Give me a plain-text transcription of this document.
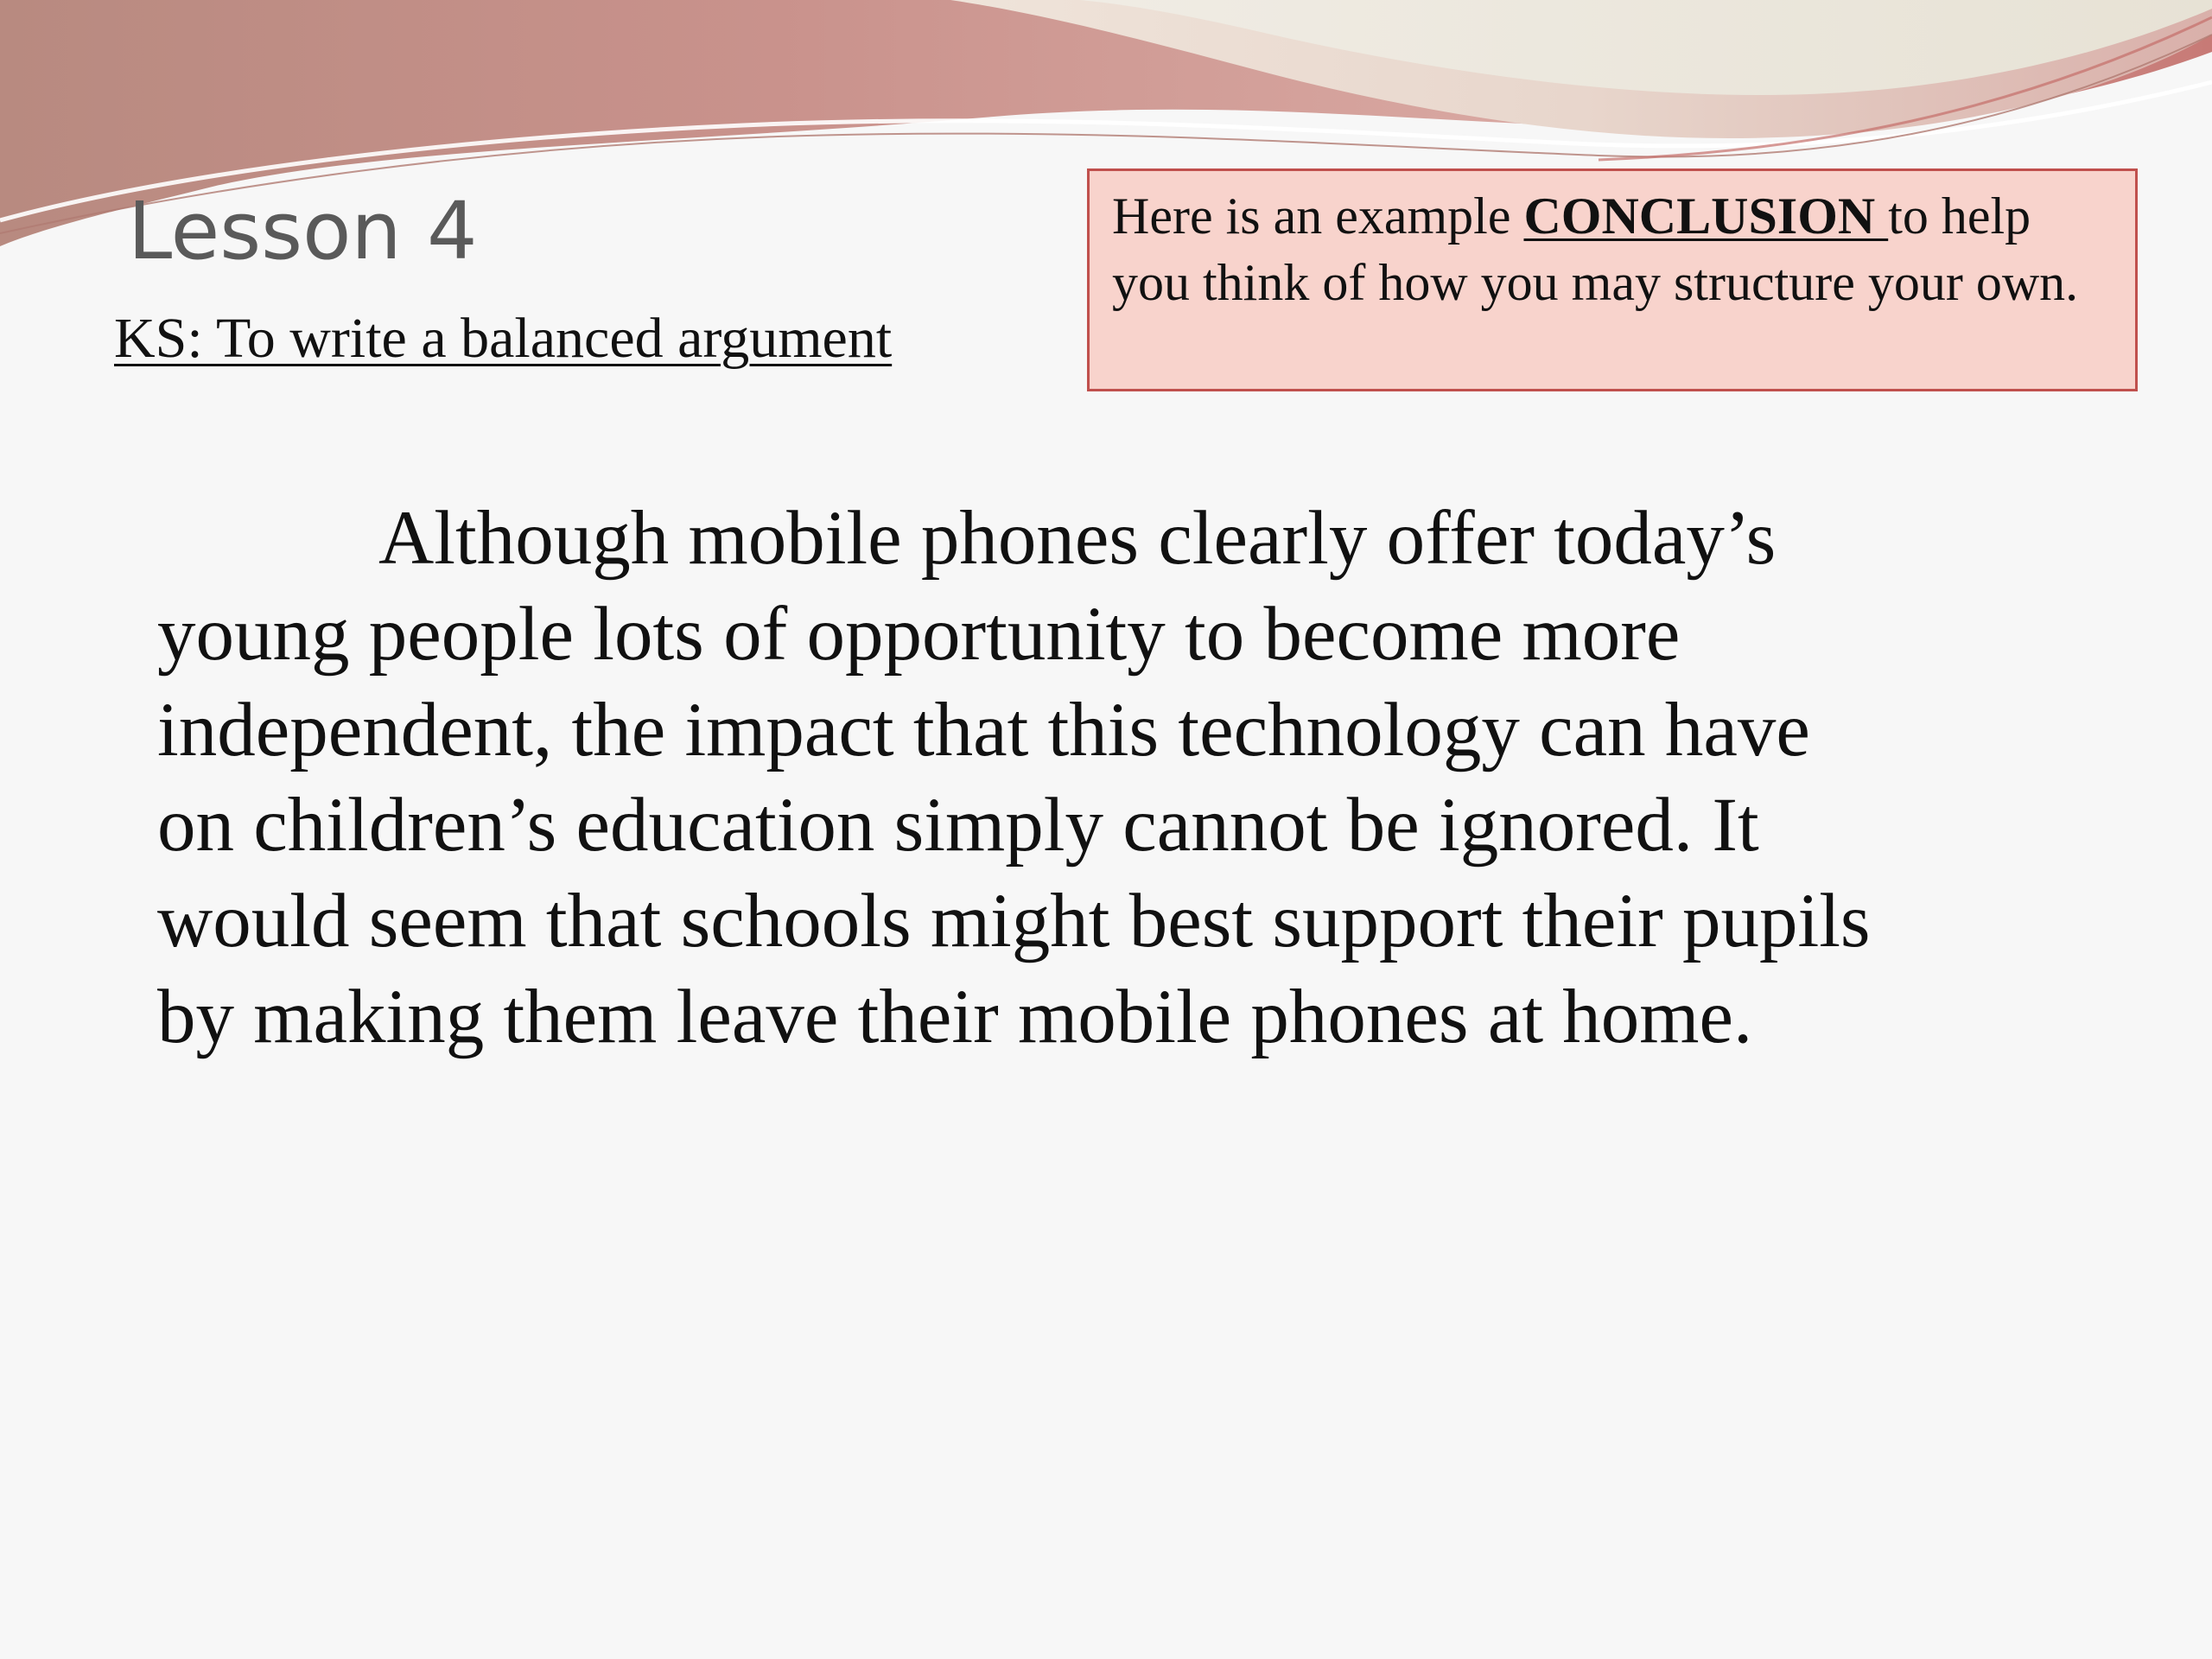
Lesson 4
KS: To write a balanced argument
Here is an example CONCLUSION to help you think of how you may structure your own.

Although mobile phones clearly offer today’s
young people lots of opportunity to become more
independent, the impact that this technology can have
on children’s education simply cannot be ignored. It
would seem that schools might best support their pupils
by making them leave their mobile phones at home.
